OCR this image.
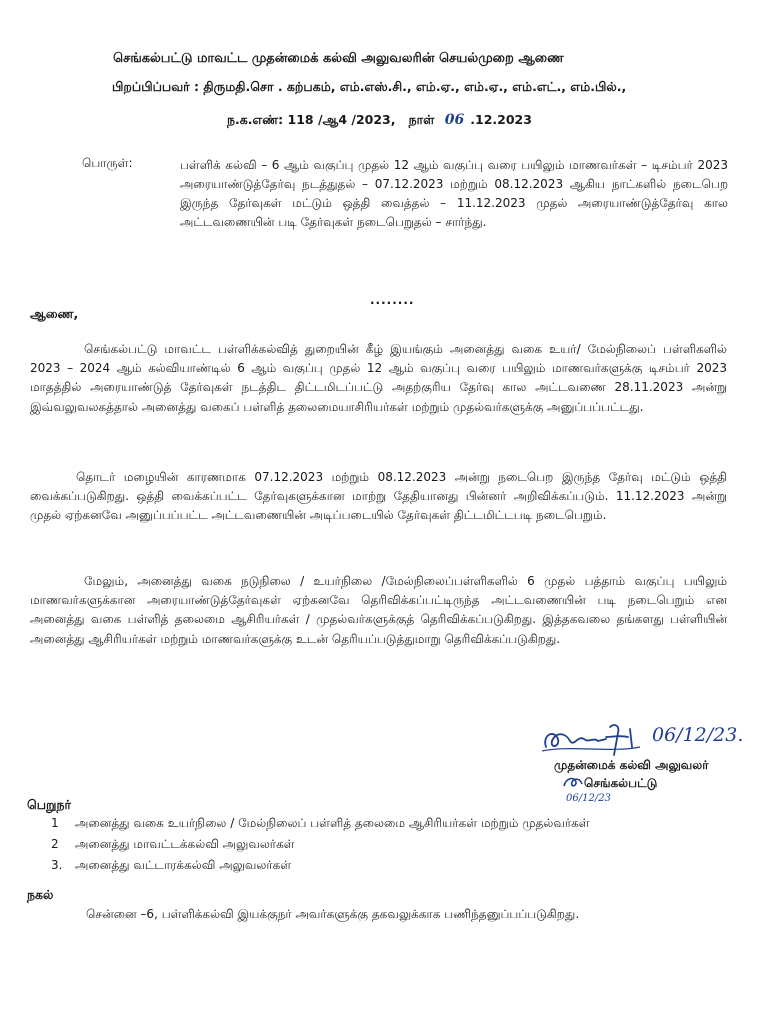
செங்கல்பட்டு மாவட்ட முதன்மைக் கல்வி அலுவலரின் செயல்முறை ஆணை
பிறப்பிப்பவர் : திருமதி.சொ . கற்பகம், எம்.எஸ்.சி., எம்.ஏ., எம்.ஏ., எம்.எட்., எம்.பில்.,
ந.க.எண்: 118 /ஆ4 /2023, நாள் 06 .12.2023
பொருள்:	பள்ளிக் கல்வி – 6 ஆம் வகுப்பு முதல் 12 ஆம் வகுப்பு வரை பயிலும் மாணவர்கள் – டிசம்பர் 2023 அரையாண்டுத்தேர்வு நடத்துதல் – 07.12.2023 மற்றும் 08.12.2023 ஆகிய நாட்களில் நடைபெற இருந்த தேர்வுகள் மட்டும் ஒத்தி வைத்தல் – 11.12.2023 முதல் அரையாண்டுத்தேர்வு கால அட்டவணையின் படி தேர்வுகள் நடைபெறுதல் – சார்ந்து.
........
ஆணை,
செங்கல்பட்டு மாவட்ட பள்ளிக்கல்வித் துறையின் கீழ் இயங்கும் அனைத்து வகை உயர்/ மேல்நிலைப் பள்ளிகளில் 2023 – 2024 ஆம் கல்வியாண்டில் 6 ஆம் வகுப்பு முதல் 12 ஆம் வகுப்பு வரை பயிலும் மாணவர்களுக்கு டிசம்பர் 2023 மாதத்தில் அரையாண்டுத் தேர்வுகள் நடத்திட திட்டமிடப்பட்டு அதற்குரிய தேர்வு கால அட்டவணை 28.11.2023 அன்று இவ்வலுவலகத்தால் அனைத்து வகைப் பள்ளித் தலைமையாசிரியர்கள் மற்றும் முதல்வர்களுக்கு அனுப்பப்பட்டது.
தொடர் மழையின் காரணமாக 07.12.2023 மற்றும் 08.12.2023 அன்று நடைபெற இருந்த தேர்வு மட்டும் ஒத்தி வைக்கப்படுகிறது. ஒத்தி வைக்கப்பட்ட தேர்வுகளுக்கான மாற்று தேதியானது பின்னர் அறிவிக்கப்படும். 11.12.2023 அன்று முதல் ஏற்கனவே அனுப்பப்பட்ட அட்டவணையின் அடிப்படையில் தேர்வுகள் திட்டமிட்டபடி நடைபெறும்.
மேலும், அனைத்து வகை நடுநிலை / உயர்நிலை /மேல்நிலைப்பள்ளிகளில் 6 முதல் பத்தாம் வகுப்பு பயிலும் மாணவர்களுக்கான அரையாண்டுத்தேர்வுகள் ஏற்கனவே தெரிவிக்கப்பட்டிருந்த அட்டவணையின் படி நடைபெறும் என அனைத்து வகை பள்ளித் தலைமை ஆசிரியர்கள் / முதல்வர்களுக்குத் தெரிவிக்கப்படுகிறது. இத்தகவலை தங்களது பள்ளியின் அனைத்து ஆசிரியர்கள் மற்றும் மாணவர்களுக்கு உடன் தெரியப்படுத்துமாறு தெரிவிக்கப்படுகிறது.
06/12/23.
முதன்மைக் கல்வி அலுவலர்
செங்கல்பட்டு
06/12/23
பெறுநர்
1	அனைத்து வகை உயர்நிலை / மேல்நிலைப் பள்ளித் தலைமை ஆசிரியர்கள் மற்றும் முதல்வர்கள்
2	அனைத்து மாவட்டக்கல்வி அலுவலர்கள்
3.	அனைத்து வட்டாரக்கல்வி அலுவலர்கள்
நகல்
சென்னை –6, பள்ளிக்கல்வி இயக்குநர் அவர்களுக்கு தகவலுக்காக பணிந்தனுப்பப்படுகிறது.
